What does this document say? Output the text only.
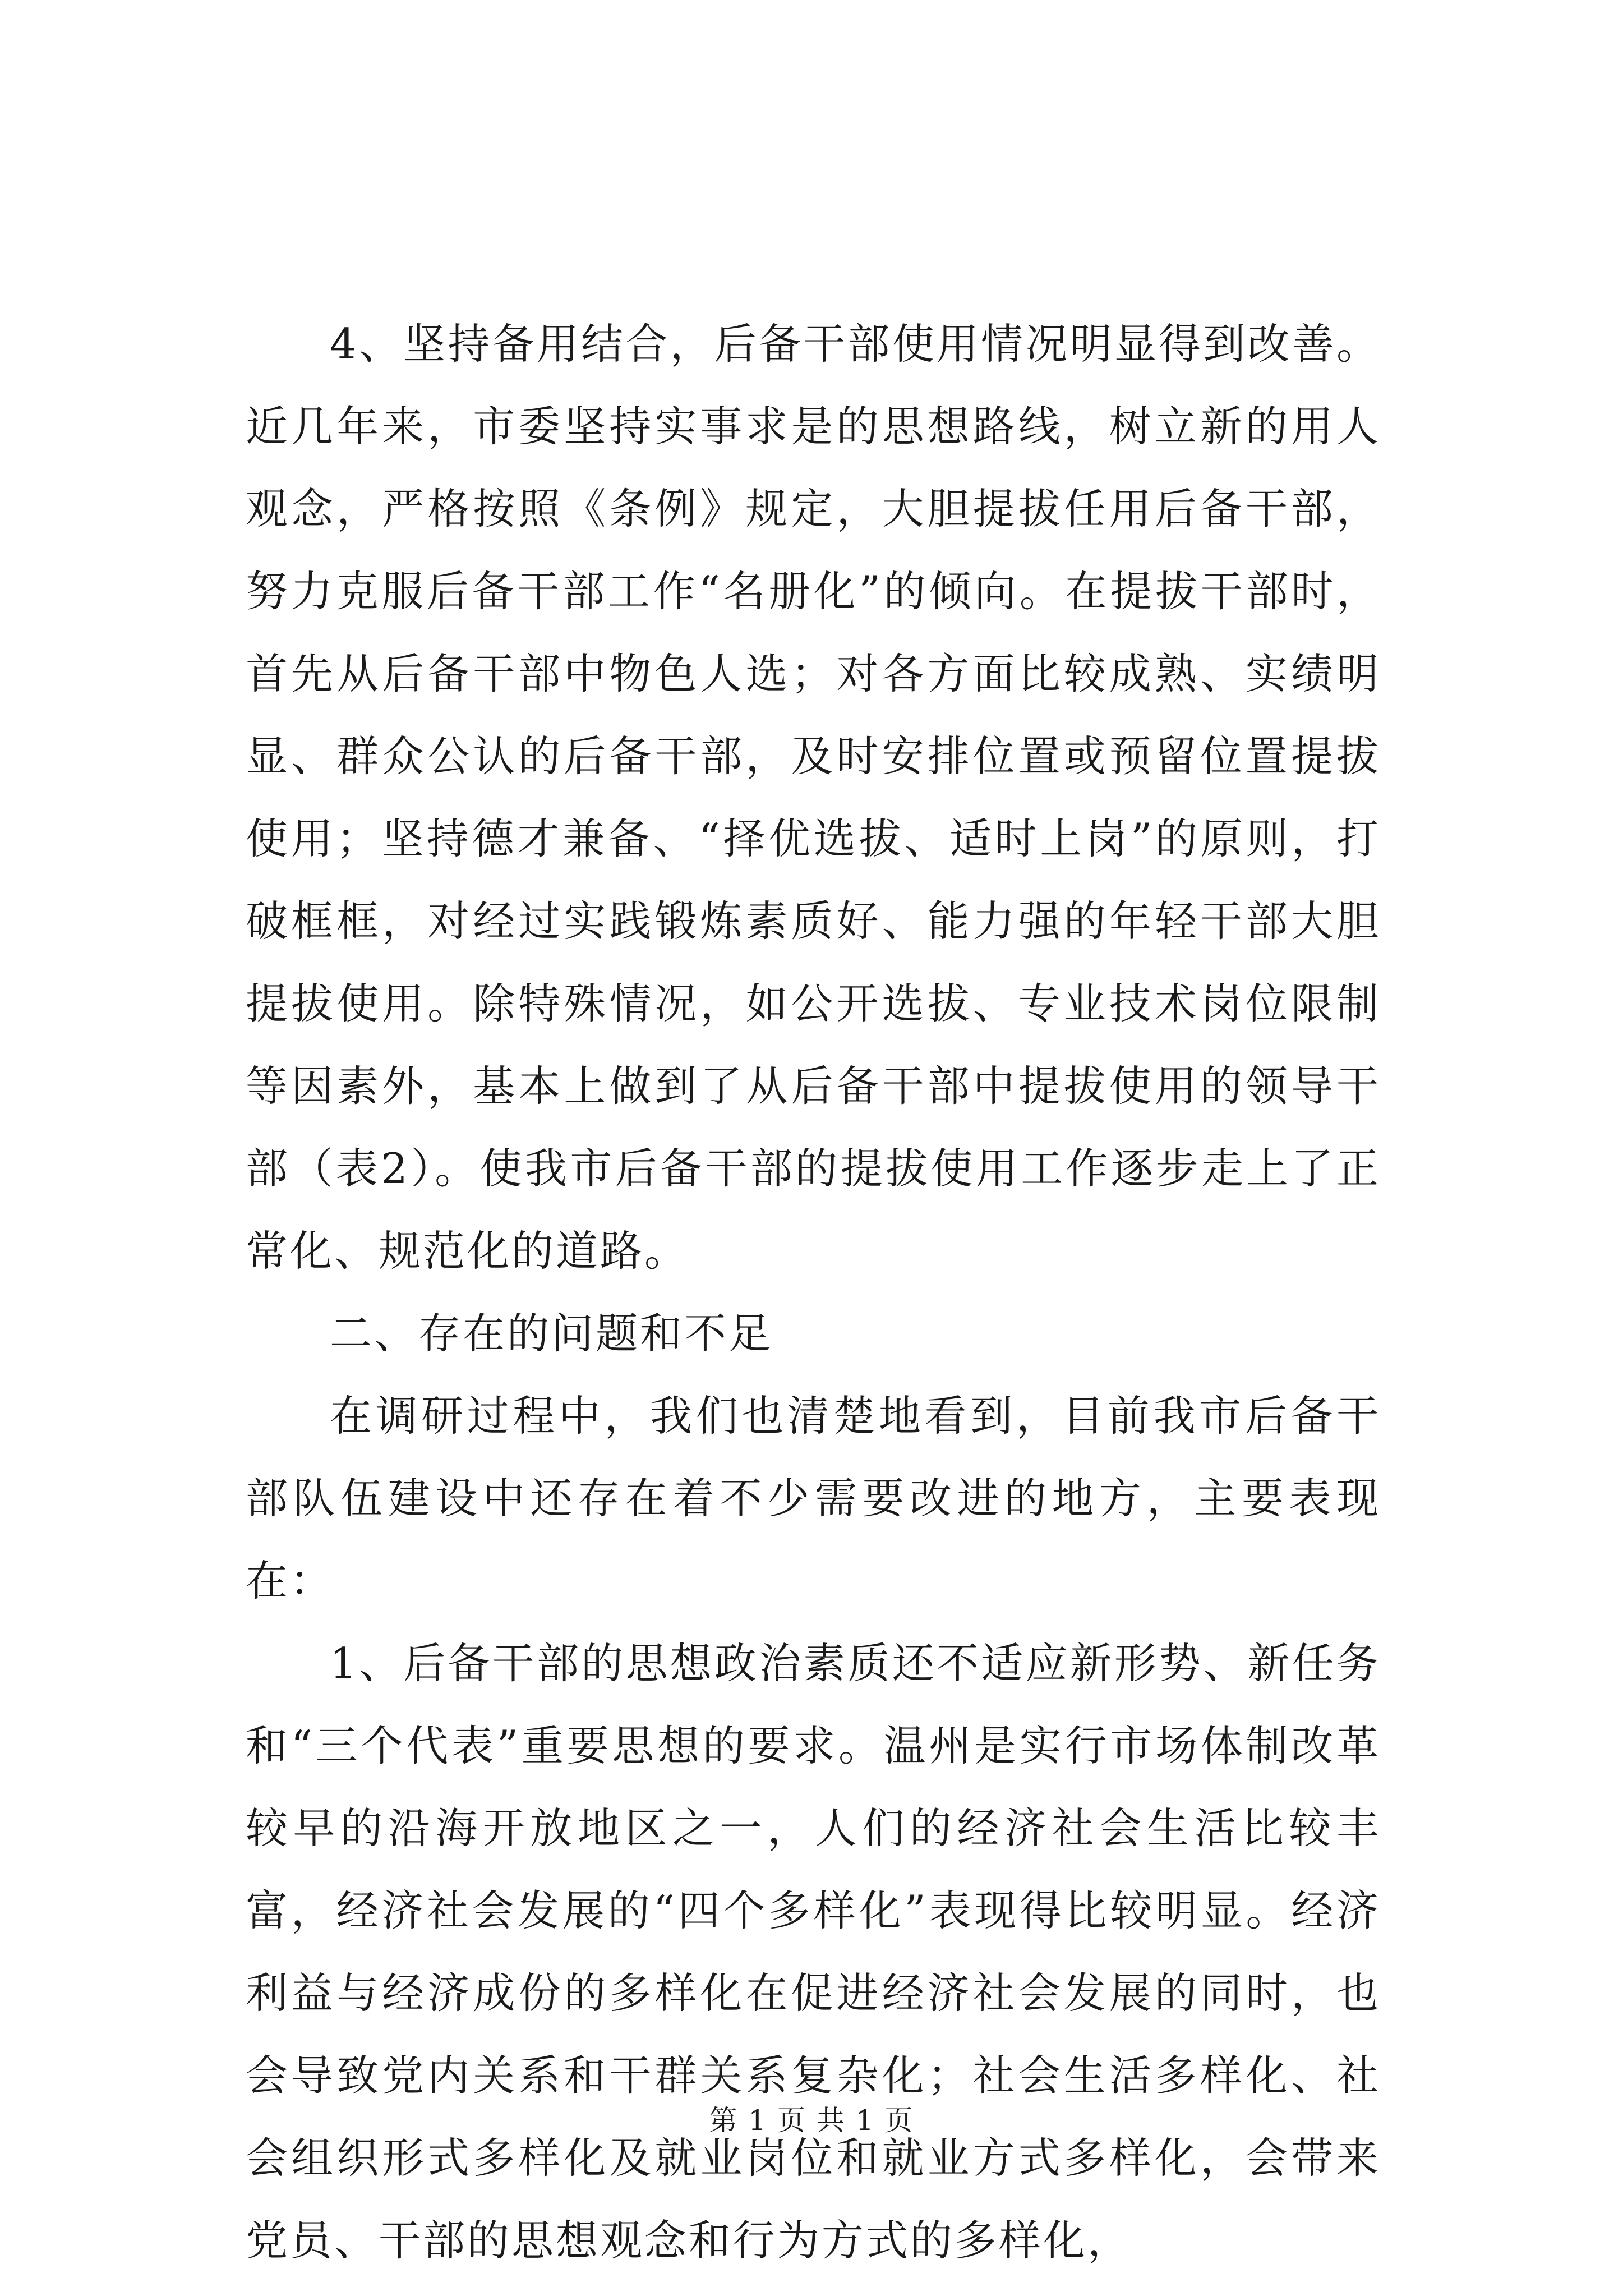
4、坚持备用结合，后备干部使用情况明显得到改善。近几年来，市委坚持实事求是的思想路线，树立新的用人观念，严格按照《条例》规定，大胆提拔任用后备干部，努力克服后备干部工作“名册化”的倾向。在提拔干部时，首先从后备干部中物色人选；对各方面比较成熟、实绩明显、群众公认的后备干部，及时安排位置或预留位置提拔使用；坚持德才兼备、“择优选拔、适时上岗”的原则，打破框框，对经过实践锻炼素质好、能力强的年轻干部大胆提拔使用。除特殊情况，如公开选拔、专业技术岗位限制等因素外，基本上做到了从后备干部中提拔使用的领导干部（表2）。使我市后备干部的提拔使用工作逐步走上了正常化、规范化的道路。

二、存在的问题和不足

在调研过程中，我们也清楚地看到，目前我市后备干部队伍建设中还存在着不少需要改进的地方，主要表现在：

1、后备干部的思想政治素质还不适应新形势、新任务和“三个代表”重要思想的要求。温州是实行市场体制改革较早的沿海开放地区之一，人们的经济社会生活比较丰富，经济社会发展的“四个多样化”表现得比较明显。经济利益与经济成份的多样化在促进经济社会发展的同时，也会导致党内关系和干群关系复杂化；社会生活多样化、社会组织形式多样化及就业岗位和就业方式多样化，会带来党员、干部的思想观念和行为方式的多样化，

第 1 页 共 1 页
